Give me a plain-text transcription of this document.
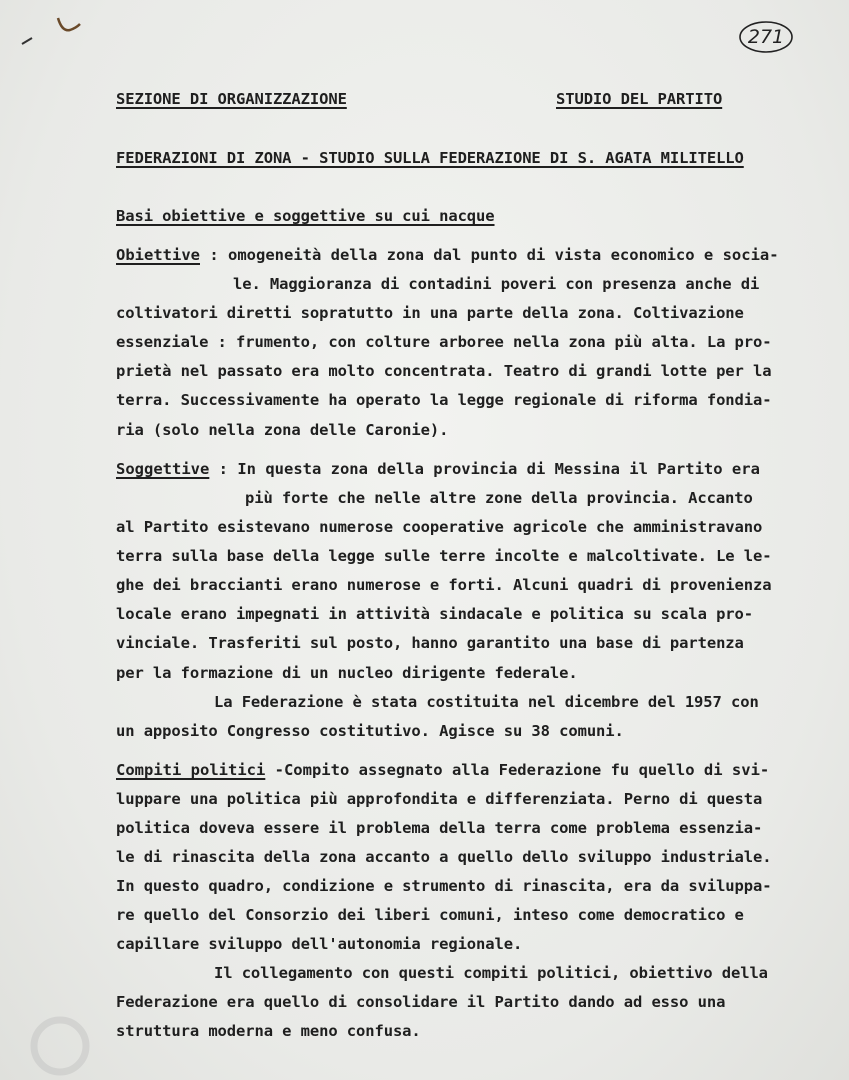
271
SEZIONE DI ORGANIZZAZIONE	STUDIO DEL PARTITO
FEDERAZIONI DI ZONA - STUDIO SULLA FEDERAZIONE DI S. AGATA MILITELLO
Basi obiettive e soggettive su cui nacque
Obiettive : omogeneità della zona dal punto di vista economico e socia-
le. Maggioranza di contadini poveri con presenza anche di
coltivatori diretti sopratutto in una parte della zona. Coltivazione
essenziale : frumento, con colture arboree nella zona più alta. La pro-
prietà nel passato era molto concentrata. Teatro di grandi lotte per la
terra. Successivamente ha operato la legge regionale di riforma fondia-
ria (solo nella zona delle Caronie).
Soggettive : In questa zona della provincia di Messina il Partito era
più forte che nelle altre zone della provincia. Accanto
al Partito esistevano numerose cooperative agricole che amministravano
terra sulla base della legge sulle terre incolte e malcoltivate. Le le-
ghe dei braccianti erano numerose e forti. Alcuni quadri di provenienza
locale erano impegnati in attività sindacale e politica su scala pro-
vinciale. Trasferiti sul posto, hanno garantito una base di partenza
per la formazione di un nucleo dirigente federale.
La Federazione è stata costituita nel dicembre del 1957 con
un apposito Congresso costitutivo. Agisce su 38 comuni.
Compiti politici -Compito assegnato alla Federazione fu quello di svi-
luppare una politica più approfondita e differenziata. Perno di questa
politica doveva essere il problema della terra come problema essenzia-
le di rinascita della zona accanto a quello dello sviluppo industriale.
In questo quadro, condizione e strumento di rinascita, era da sviluppa-
re quello del Consorzio dei liberi comuni, inteso come democratico e
capillare sviluppo dell'autonomia regionale.
Il collegamento con questi compiti politici, obiettivo della
Federazione era quello di consolidare il Partito dando ad esso una
struttura moderna e meno confusa.
